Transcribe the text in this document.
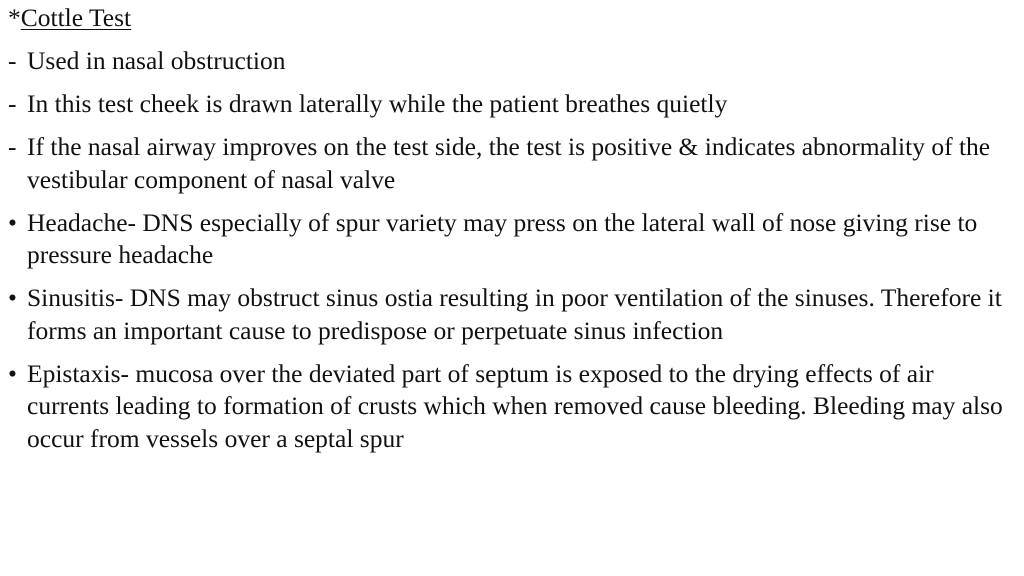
*Cottle Test
- Used in nasal obstruction
- In this test cheek is drawn laterally while the patient breathes quietly
- If the nasal airway improves on the test side, the test is positive & indicates abnormality of the vestibular component of nasal valve
• Headache- DNS especially of spur variety may press on the lateral wall of nose giving rise to pressure headache
• Sinusitis- DNS may obstruct sinus ostia resulting in poor ventilation of the sinuses. Therefore it forms an important cause to predispose or perpetuate sinus infection
• Epistaxis- mucosa over the deviated part of septum is exposed to the drying effects of air currents leading to formation of crusts which when removed cause bleeding. Bleeding may also occur from vessels over a septal spur
